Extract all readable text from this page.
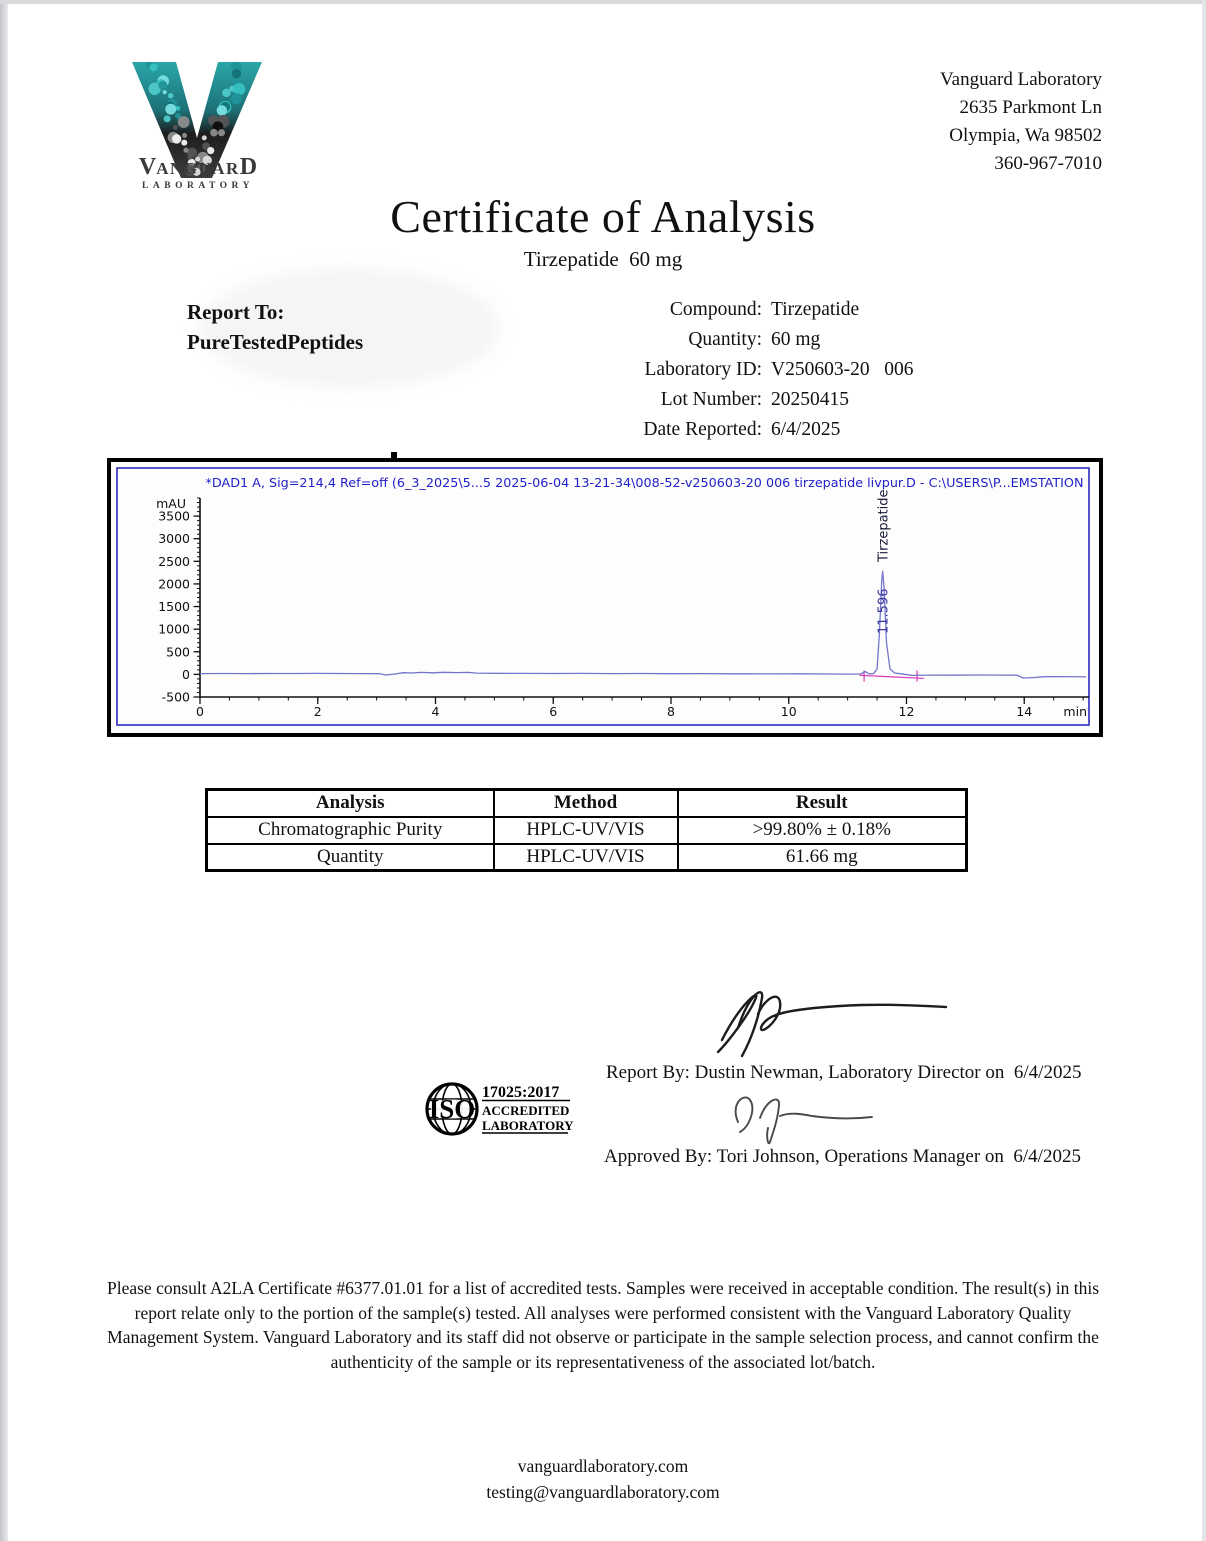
VANGUARD
LABORATORY
Vanguard Laboratory
2635 Parkmont Ln
Olympia, Wa 98502
360-967-7010
Certificate of Analysis
Tirzepatide  60 mg
Report To:
PureTestedPeptides
Compound: Tirzepatide
Quantity: 60 mg
Laboratory ID: V250603-20   006
Lot Number: 20250415
Date Reported: 6/4/2025
*DAD1 A, Sig=214,4 Ref=off (6_3_2025\5...5 2025-06-04 13-21-34\008-52-v250603-20 006 tirzepatide livpur.D - C:\USERS\P...EMSTATION
-500
0
500
1000
1500
2000
2500
3000
3500
mAU
0	2	4	6	8	10	12	14 min
11.596
Tirzepatide
Analysis	Method	Result
Chromatographic Purity	HPLC-UV/VIS	>99.80% ± 0.18%
Quantity	HPLC-UV/VIS	61.66 mg
Report By: Dustin Newman, Laboratory Director on 6/4/2025
ISO
17025:2017
ACCREDITED
LABORATORY
Approved By: Tori Johnson, Operations Manager on 6/4/2025
Please consult A2LA Certificate #6377.01.01 for a list of accredited tests. Samples were received in acceptable condition. The result(s) in this report relate only to the portion of the sample(s) tested. All analyses were performed consistent with the Vanguard Laboratory Quality Management System. Vanguard Laboratory and its staff did not observe or participate in the sample selection process, and cannot confirm the authenticity of the sample or its representativeness of the associated lot/batch.
vanguardlaboratory.com
testing@vanguardlaboratory.com
